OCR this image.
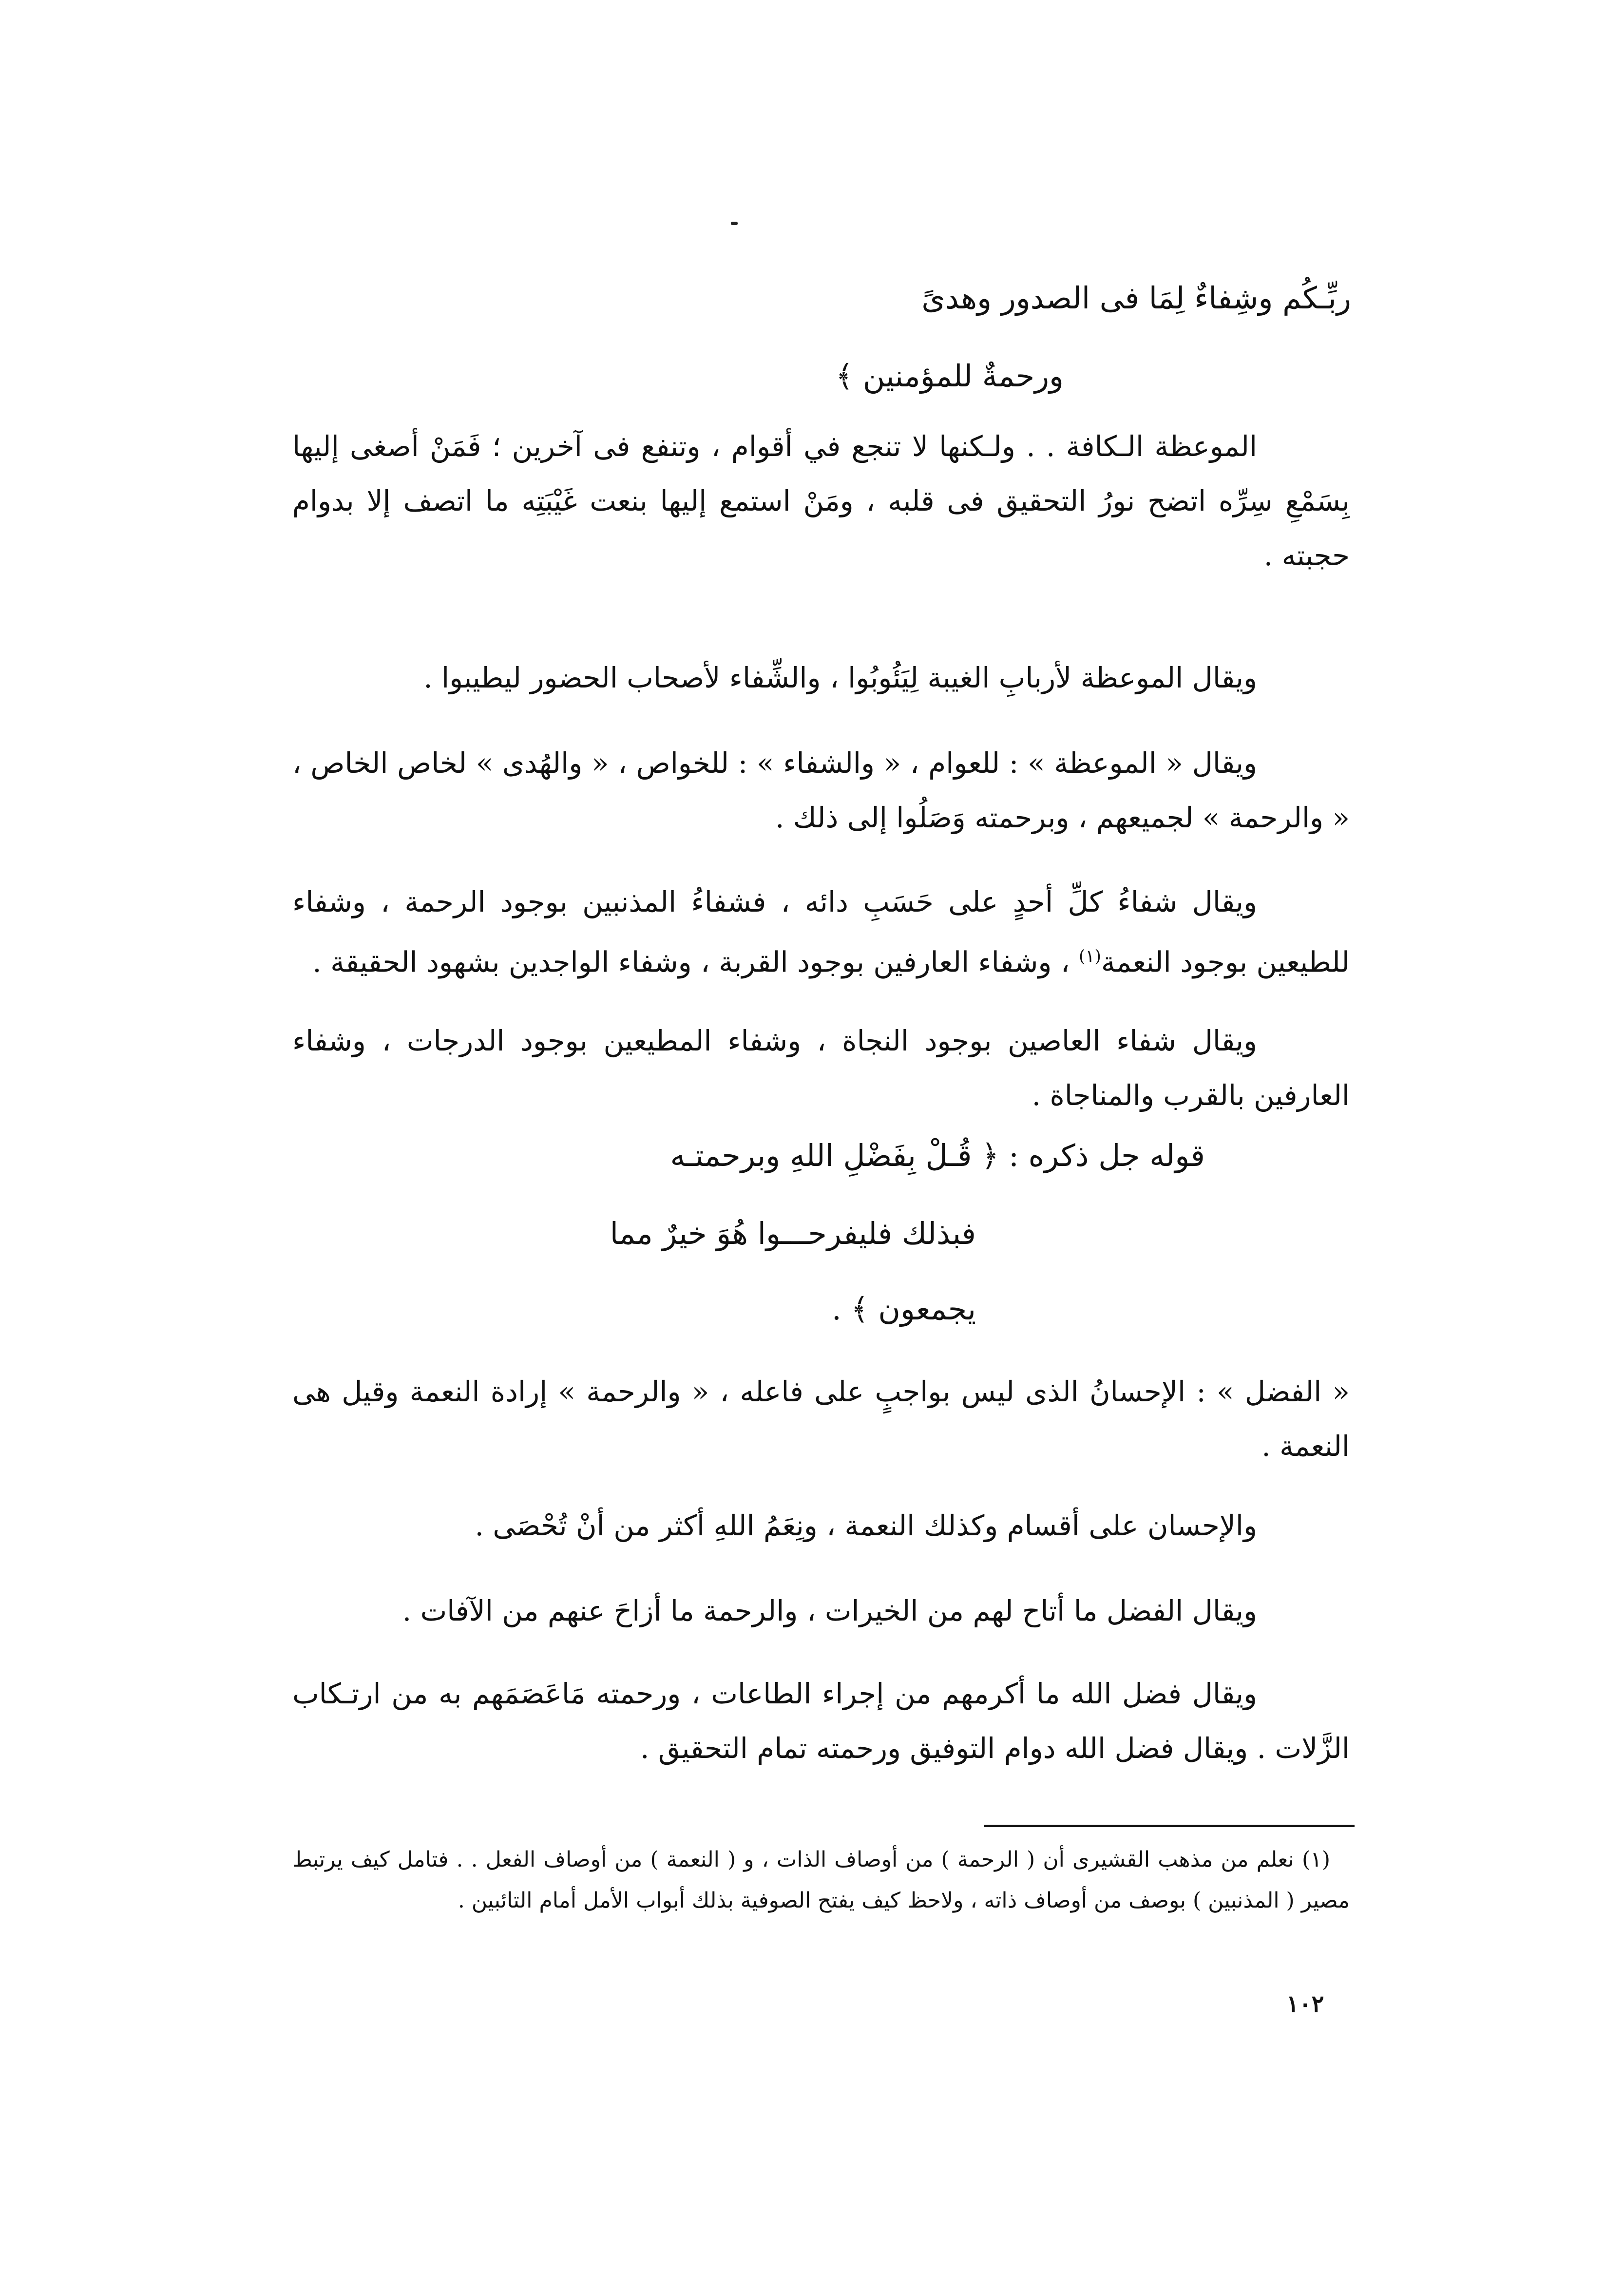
ربِّـكُم وشِفاءٌ لِمَا فى الصدور وهدىً
ورحمةٌ للمؤمنين ﴾

الموعظة الـكافة . . ولـكنها لا تنجع في أقوام ، وتنفع فى آخرين ؛ فَمَنْ أصغى إليها بِسَمْعِ سِرِّه اتضح نورُ التحقيق فى قلبه ، ومَنْ استمع إليها بنعت غَيْبَتِه ما اتصف إلا بدوام حجبته .

ويقال الموعظة لأربابِ الغيبة لِيَئُوبُوا ، والشِّفاء لأصحاب الحضور ليطيبوا .

ويقال « الموعظة » : للعوام ، « والشفاء » : للخواص ، « والهُدى » لخاص الخاص ، « والرحمة » لجميعهم ، وبرحمته وَصَلُوا إلى ذلك .

ويقال شفاءُ كلِّ أحدٍ على حَسَبِ دائه ، فشفاءُ المذنبين بوجود الرحمة ، وشفاء للطيعين بوجود النعمة$^{(١)}$ ، وشفاء العارفين بوجود القربة ، وشفاء الواجدين بشهود الحقيقة .

ويقال شفاء العاصين بوجود النجاة ، وشفاء المطيعين بوجود الدرجات ، وشفاء العارفين بالقرب والمناجاة .

قوله جل ذكره : ﴿ قُـلْ بِفَضْلِ اللهِ وبرحمتـه
فبذلك فليفرحـــوا هُوَ خيرٌ مما
يجمعون ﴾ .

« الفضل » : الإحسانُ الذى ليس بواجبٍ على فاعله ، « والرحمة » إرادة النعمة وقيل هى النعمة .

والإحسان على أقسام وكذلك النعمة ، ونِعَمُ اللهِ أكثر من أنْ تُحْصَى .

ويقال الفضل ما أتاح لهم من الخيرات ، والرحمة ما أزاحَ عنهم من الآفات .

ويقال فضل الله ما أكرمهم من إجراء الطاعات ، ورحمته مَاعَصَمَهم به من ارتـكاب الزَّلات . ويقال فضل الله دوام التوفيق ورحمته تمام التحقيق .

(١) نعلم من مذهب القشيرى أن ( الرحمة ) من أوصاف الذات ، و ( النعمة ) من أوصاف الفعل . . فتامل كيف يرتبط مصير ( المذنبين ) بوصف من أوصاف ذاته ، ولاحظ كيف يفتح الصوفية بذلك أبواب الأمل أمام التائبين .

١٠٢
